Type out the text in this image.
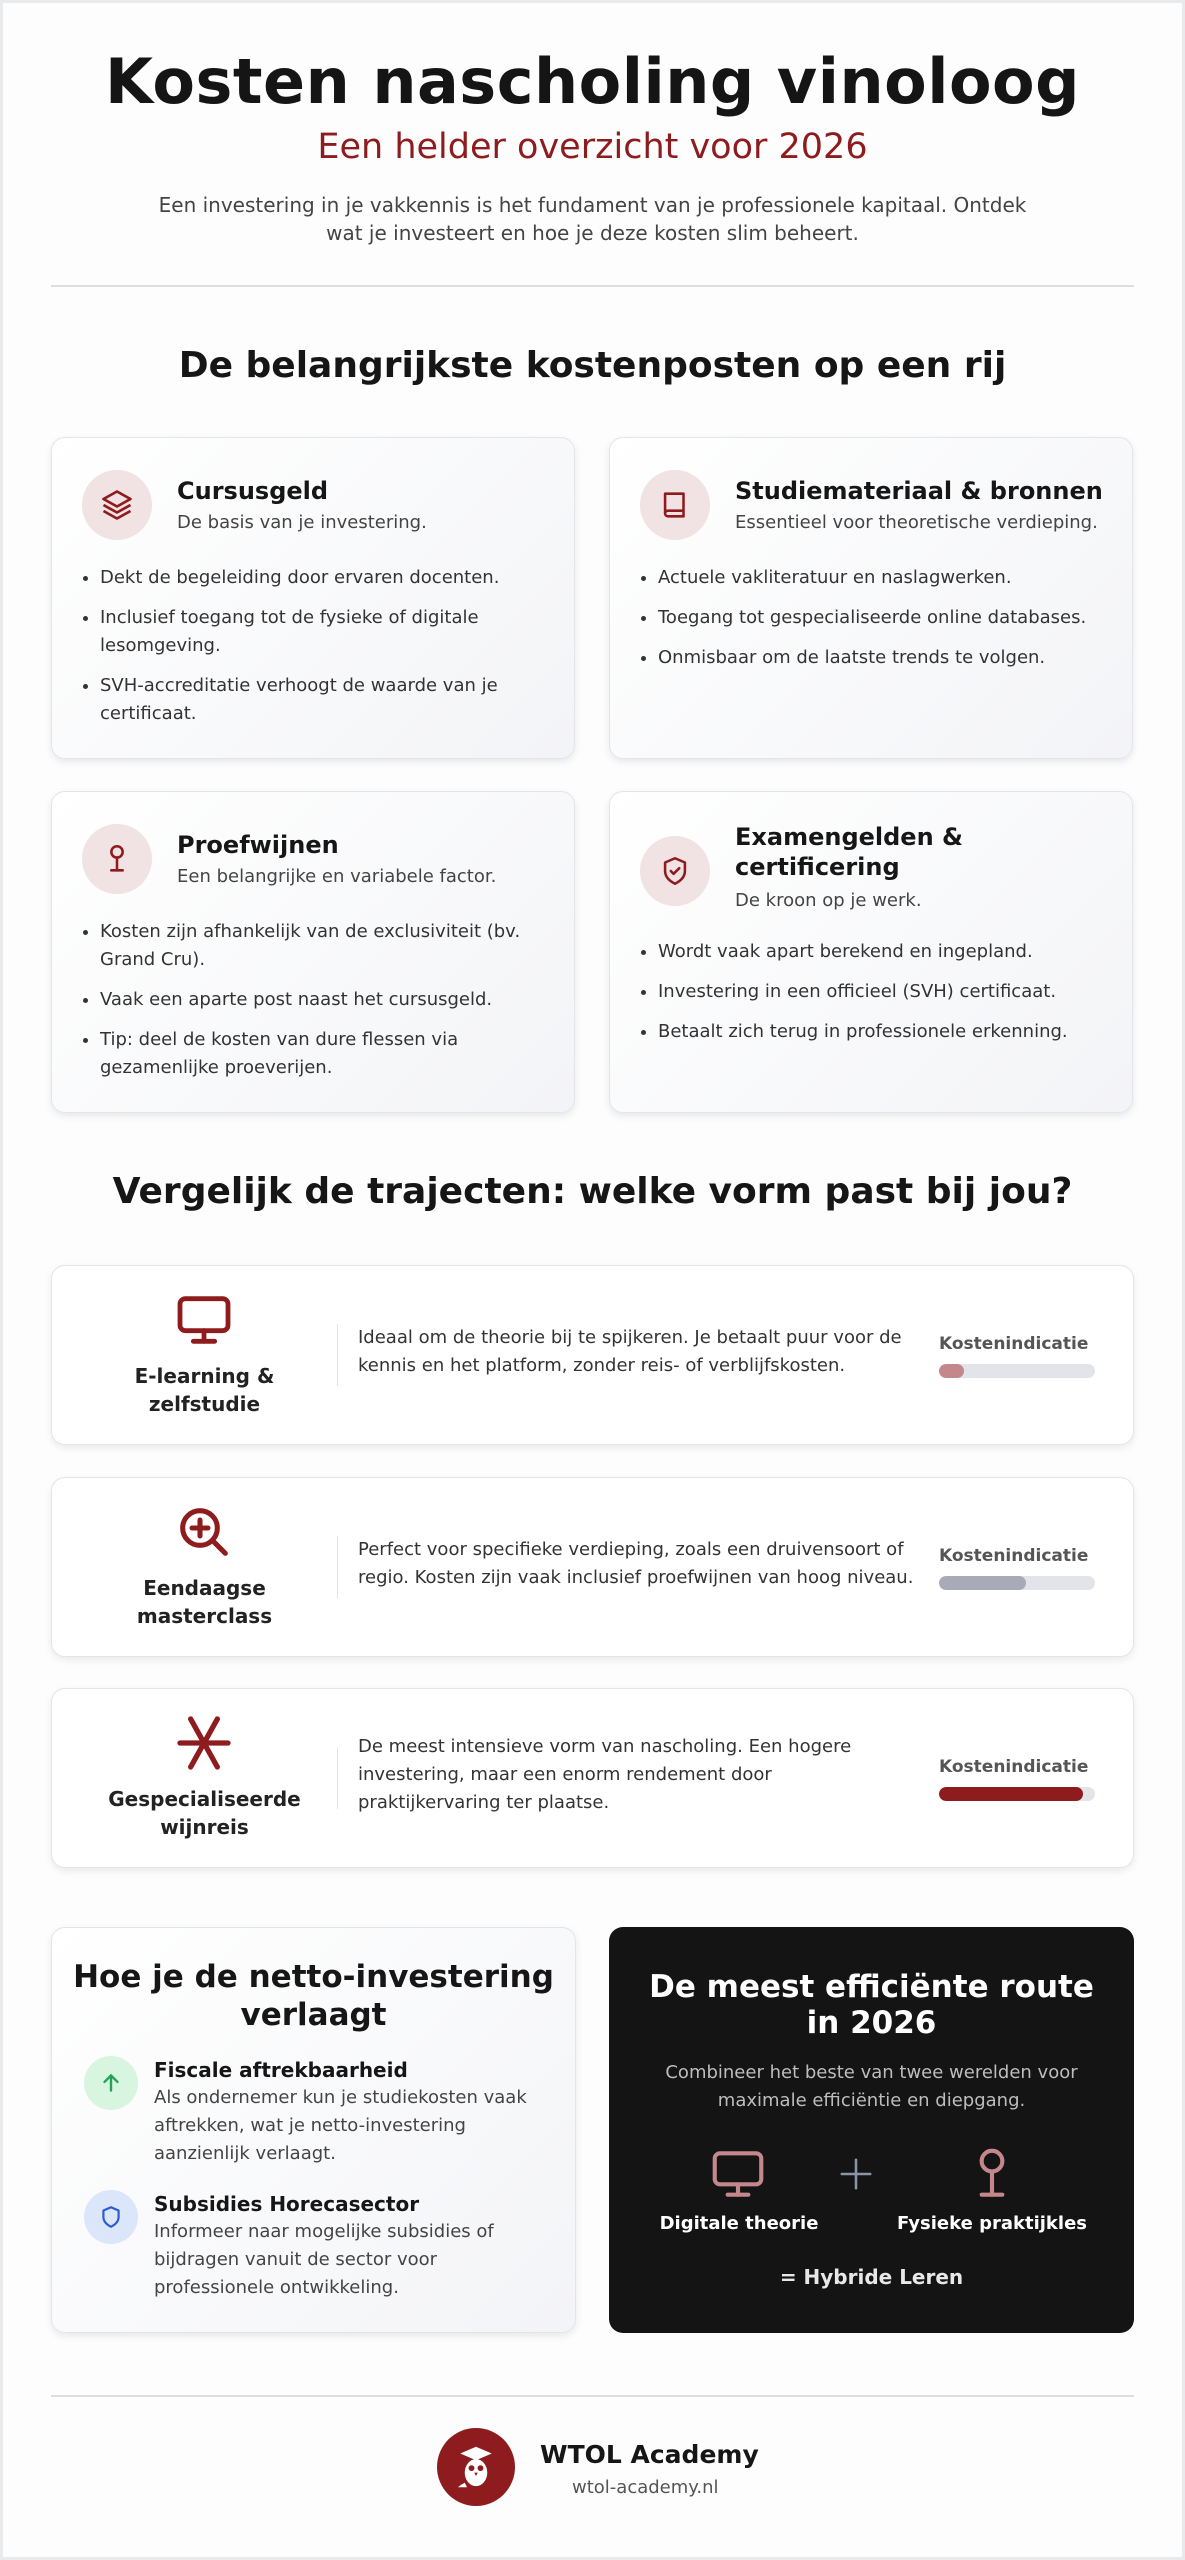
Kosten nascholing vinoloog
Een helder overzicht voor 2026
Een investering in je vakkennis is het fundament van je professionele kapitaal. Ontdek wat je investeert en hoe je deze kosten slim beheert.
De belangrijkste kostenposten op een rij
Cursusgeld
De basis van je investering.
• Dekt de begeleiding door ervaren docenten.
• Inclusief toegang tot de fysieke of digitale lesomgeving.
• SVH-accreditatie verhoogt de waarde van je certificaat.
Studiemateriaal & bronnen
Essentieel voor theoretische verdieping.
• Actuele vakliteratuur en naslagwerken.
• Toegang tot gespecialiseerde online databases.
• Onmisbaar om de laatste trends te volgen.
Proefwijnen
Een belangrijke en variabele factor.
• Kosten zijn afhankelijk van de exclusiviteit (bv. Grand Cru).
• Vaak een aparte post naast het cursusgeld.
• Tip: deel de kosten van dure flessen via gezamenlijke proeverijen.
Examengelden & certificering
De kroon op je werk.
• Wordt vaak apart berekend en ingepland.
• Investering in een officieel (SVH) certificaat.
• Betaalt zich terug in professionele erkenning.
Vergelijk de trajecten: welke vorm past bij jou?
E-learning & zelfstudie
Ideaal om de theorie bij te spijkeren. Je betaalt puur voor de kennis en het platform, zonder reis- of verblijfskosten.
Kostenindicatie
Eendaagse masterclass
Perfect voor specifieke verdieping, zoals een druivensoort of regio. Kosten zijn vaak inclusief proefwijnen van hoog niveau.
Kostenindicatie
Gespecialiseerde wijnreis
De meest intensieve vorm van nascholing. Een hogere investering, maar een enorm rendement door praktijkervaring ter plaatse.
Kostenindicatie
Hoe je de netto-investering verlaagt
Fiscale aftrekbaarheid
Als ondernemer kun je studiekosten vaak aftrekken, wat je netto-investering aanzienlijk verlaagt.
Subsidies Horecasector
Informeer naar mogelijke subsidies of bijdragen vanuit de sector voor professionele ontwikkeling.
De meest efficiënte route in 2026
Combineer het beste van twee werelden voor maximale efficiëntie en diepgang.
Digitale theorie	Fysieke praktijkles
= Hybride Leren
WTOL Academy
wtol-academy.nl
